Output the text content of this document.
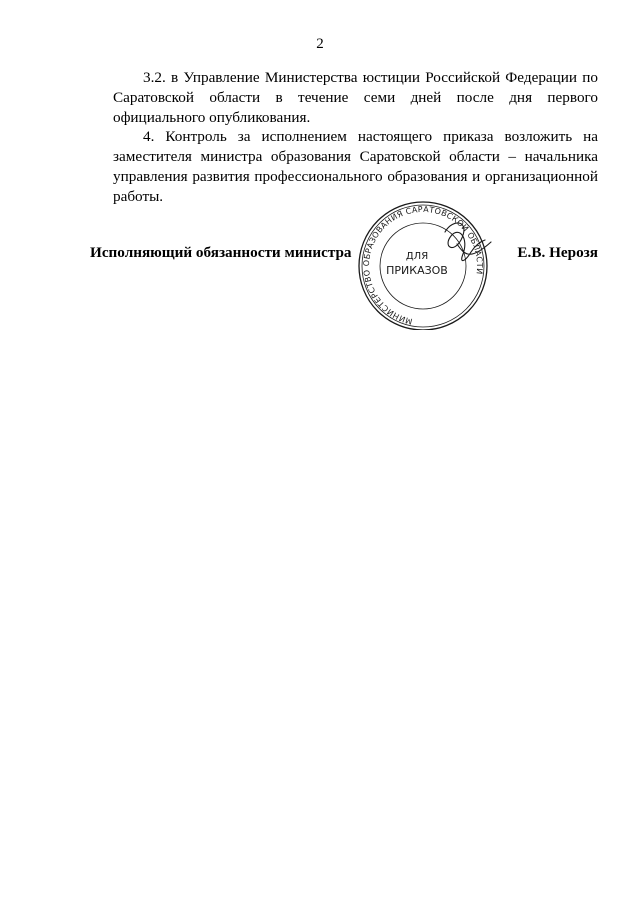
2

3.2. в Управление Министерства юстиции Российской Федерации по Саратовской области в течение семи дней после дня первого официального опубликования.

4. Контроль за исполнением настоящего приказа возложить на заместителя министра образования Саратовской области – начальника управления развития профессионального образования и организационной работы.

Исполняющий обязанности министра	Е.В. Нерозя
МИНИСТЕРСТВО ОБРАЗОВАНИЯ САРАТОВСКОЙ ОБЛАСТИ
ДЛЯ
ПРИКАЗОВ
